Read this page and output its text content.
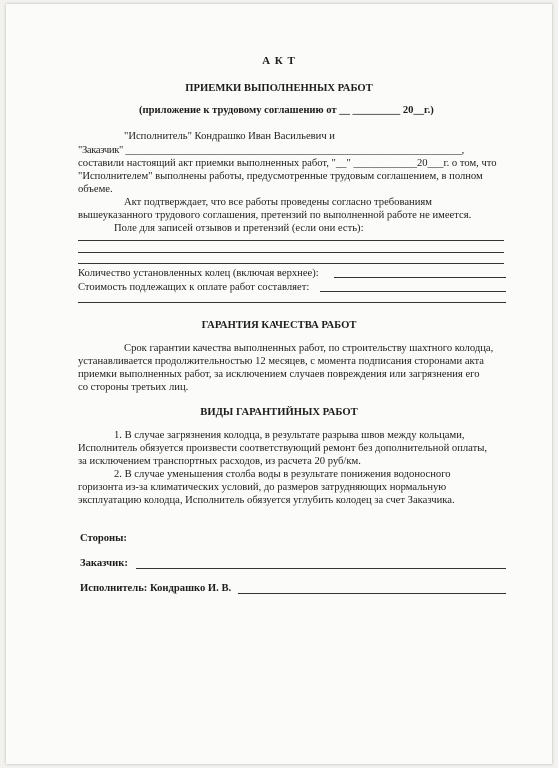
А К Т
ПРИЕМКИ ВЫПОЛНЕННЫХ РАБОТ
(приложение к трудовому соглашению от __ _________ 20__г.)
"Исполнитель" Кондрашко Иван Васильевич и
"Заказчик" ____________________________________________________________________,
составили настоящий акт приемки выполненных работ, "__" ____________20___г. о том, что
"Исполнителем" выполнены работы, предусмотренные трудовым соглашением, в полном
объеме.
Акт подтверждает, что все работы проведены согласно требованиям
вышеуказанного трудового соглашения, претензий по выполненной работе не имеется.
Поле для записей отзывов и претензий (если они есть):
Количество установленных колец (включая верхнее):
Стоимость подлежащих к оплате работ составляет:
ГАРАНТИЯ КАЧЕСТВА РАБОТ
Срок гарантии качества выполненных работ, по строительству шахтного колодца,
устанавливается продолжительностью 12 месяцев, с момента подписания сторонами акта
приемки выполненных работ, за исключением случаев повреждения или загрязнения его
со стороны третьих лиц.
ВИДЫ ГАРАНТИЙНЫХ РАБОТ
1. В случае загрязнения колодца, в результате разрыва швов между кольцами,
Исполнитель обязуется произвести соответствующий ремонт без дополнительной оплаты,
за исключением транспортных расходов, из расчета 20 руб/км.
2. В случае уменьшения столба воды в результате понижения водоносного
горизонта из-за климатических условий, до размеров затрудняющих нормальную
эксплуатацию колодца, Исполнитель обязуется углубить колодец за счет Заказчика.
Стороны:
Заказчик:
Исполнитель: Кондрашко И. В.
